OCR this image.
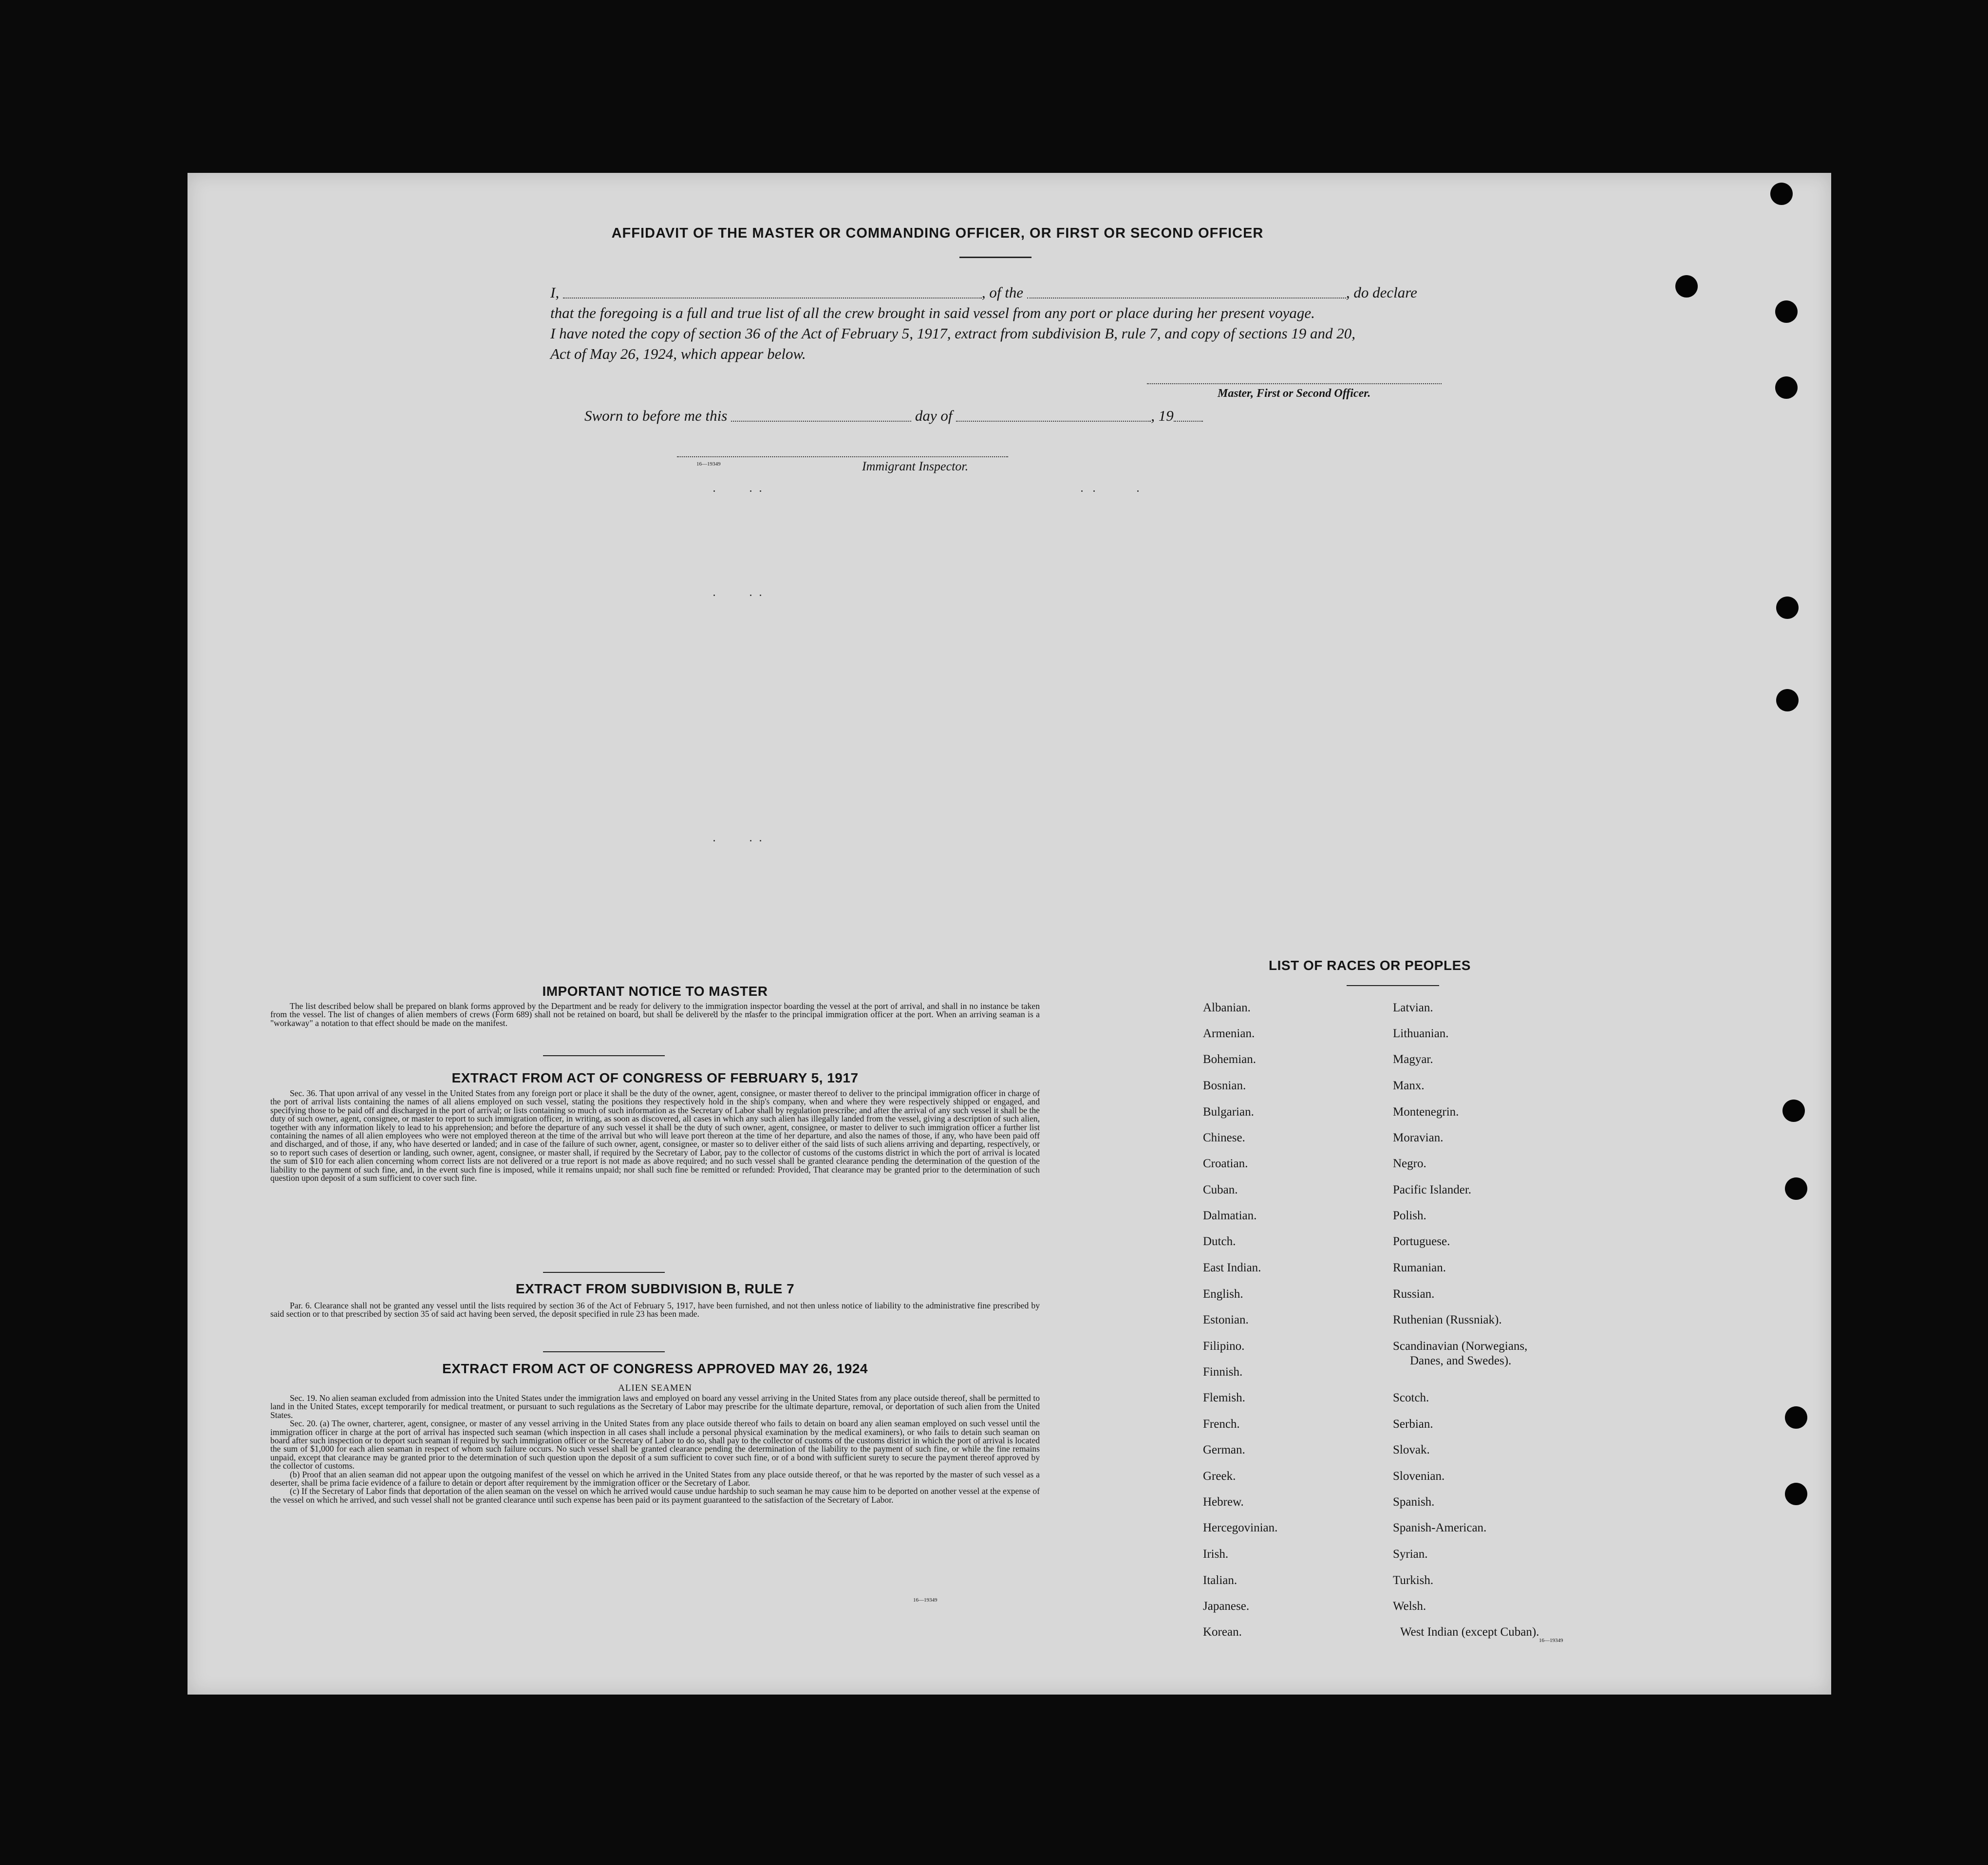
AFFIDAVIT OF THE MASTER OR COMMANDING OFFICER, OR FIRST OR SECOND OFFICER
I,	, of the	, do declare
that the foregoing is a full and true list of all the crew brought in said vessel from any port or place during her present voyage.
I have noted the copy of section 36 of the Act of February 5, 1917, extract from subdivision B, rule 7, and copy of sections 19 and 20,
Act of May 26, 1924, which appear below.
Master, First or Second Officer.
Sworn to before me this	day of	, 19
16—19349	Immigrant Inspector.
IMPORTANT NOTICE TO MASTER

The list described below shall be prepared on blank forms approved by the Department and be ready for delivery to the immigration inspector boarding the vessel at the port of arrival, and shall in no instance be taken from the vessel. The list of changes of alien members of crews (Form 689) shall not be retained on board, but shall be delivered by the master to the principal immigration officer at the port. When an arriving seaman is a "workaway" a notation to that effect should be made on the manifest.

EXTRACT FROM ACT OF CONGRESS OF FEBRUARY 5, 1917

Sec. 36. That upon arrival of any vessel in the United States from any foreign port or place it shall be the duty of the owner, agent, consignee, or master thereof to deliver to the principal immigration officer in charge of the port of arrival lists containing the names of all aliens employed on such vessel, stating the positions they respectively hold in the ship's company, when and where they were respectively shipped or engaged, and specifying those to be paid off and discharged in the port of arrival; or lists containing so much of such information as the Secretary of Labor shall by regulation prescribe; and after the arrival of any such vessel it shall be the duty of such owner, agent, consignee, or master to report to such immigration officer, in writing, as soon as discovered, all cases in which any such alien has illegally landed from the vessel, giving a description of such alien, together with any information likely to lead to his apprehension; and before the departure of any such vessel it shall be the duty of such owner, agent, consignee, or master to deliver to such immigration officer a further list containing the names of all alien employees who were not employed thereon at the time of the arrival but who will leave port thereon at the time of her departure, and also the names of those, if any, who have been paid off and discharged, and of those, if any, who have deserted or landed; and in case of the failure of such owner, agent, consignee, or master so to deliver either of the said lists of such aliens arriving and departing, respectively, or so to report such cases of desertion or landing, such owner, agent, consignee, or master shall, if required by the Secretary of Labor, pay to the collector of customs of the customs district in which the port of arrival is located the sum of $10 for each alien concerning whom correct lists are not delivered or a true report is not made as above required; and no such vessel shall be granted clearance pending the determination of the question of the liability to the payment of such fine, and, in the event such fine is imposed, while it remains unpaid; nor shall such fine be remitted or refunded: Provided, That clearance may be granted prior to the determination of such question upon deposit of a sum sufficient to cover such fine.

EXTRACT FROM SUBDIVISION B, RULE 7

Par. 6. Clearance shall not be granted any vessel until the lists required by section 36 of the Act of February 5, 1917, have been furnished, and not then unless notice of liability to the administrative fine prescribed by said section or to that prescribed by section 35 of said act having been served, the deposit specified in rule 23 has been made.

EXTRACT FROM ACT OF CONGRESS APPROVED MAY 26, 1924
ALIEN SEAMEN

Sec. 19. No alien seaman excluded from admission into the United States under the immigration laws and employed on board any vessel arriving in the United States from any place outside thereof, shall be permitted to land in the United States, except temporarily for medical treatment, or pursuant to such regulations as the Secretary of Labor may prescribe for the ultimate departure, removal, or deportation of such alien from the United States.

Sec. 20. (a) The owner, charterer, agent, consignee, or master of any vessel arriving in the United States from any place outside thereof who fails to detain on board any alien seaman employed on such vessel until the immigration officer in charge at the port of arrival has inspected such seaman (which inspection in all cases shall include a personal physical examination by the medical examiners), or who fails to detain such seaman on board after such inspection or to deport such seaman if required by such immigration officer or the Secretary of Labor to do so, shall pay to the collector of customs of the customs district in which the port of arrival is located the sum of $1,000 for each alien seaman in respect of whom such failure occurs. No such vessel shall be granted clearance pending the determination of the liability to the payment of such fine, or while the fine remains unpaid, except that clearance may be granted prior to the determination of such question upon the deposit of a sum sufficient to cover such fine, or of a bond with sufficient surety to secure the payment thereof approved by the collector of customs.

(b) Proof that an alien seaman did not appear upon the outgoing manifest of the vessel on which he arrived in the United States from any place outside thereof, or that he was reported by the master of such vessel as a deserter, shall be prima facie evidence of a failure to detain or deport after requirement by the immigration officer or the Secretary of Labor.

(c) If the Secretary of Labor finds that deportation of the alien seaman on the vessel on which he arrived would cause undue hardship to such seaman he may cause him to be deported on another vessel at the expense of the vessel on which he arrived, and such vessel shall not be granted clearance until such expense has been paid or its payment guaranteed to the satisfaction of the Secretary of Labor.

16—19349
LIST OF RACES OR PEOPLES
Albanian.
Armenian.
Bohemian.
Bosnian.
Bulgarian.
Chinese.
Croatian.
Cuban.
Dalmatian.
Dutch.
East Indian.
English.
Estonian.
Filipino.
Finnish.
Flemish.
French.
German.
Greek.
Hebrew.
Hercegovinian.
Irish.
Italian.
Japanese.
Korean.
Latvian.
Lithuanian.
Magyar.
Manx.
Montenegrin.
Moravian.
Negro.
Pacific Islander.
Polish.
Portuguese.
Rumanian.
Russian.
Ruthenian (Russniak).
Scandinavian (Norwegians,
Danes, and Swedes).
Scotch.
Serbian.
Slovak.
Slovenian.
Spanish.
Spanish-American.
Syrian.
Turkish.
Welsh.
West Indian (except Cuban).
16—19349
